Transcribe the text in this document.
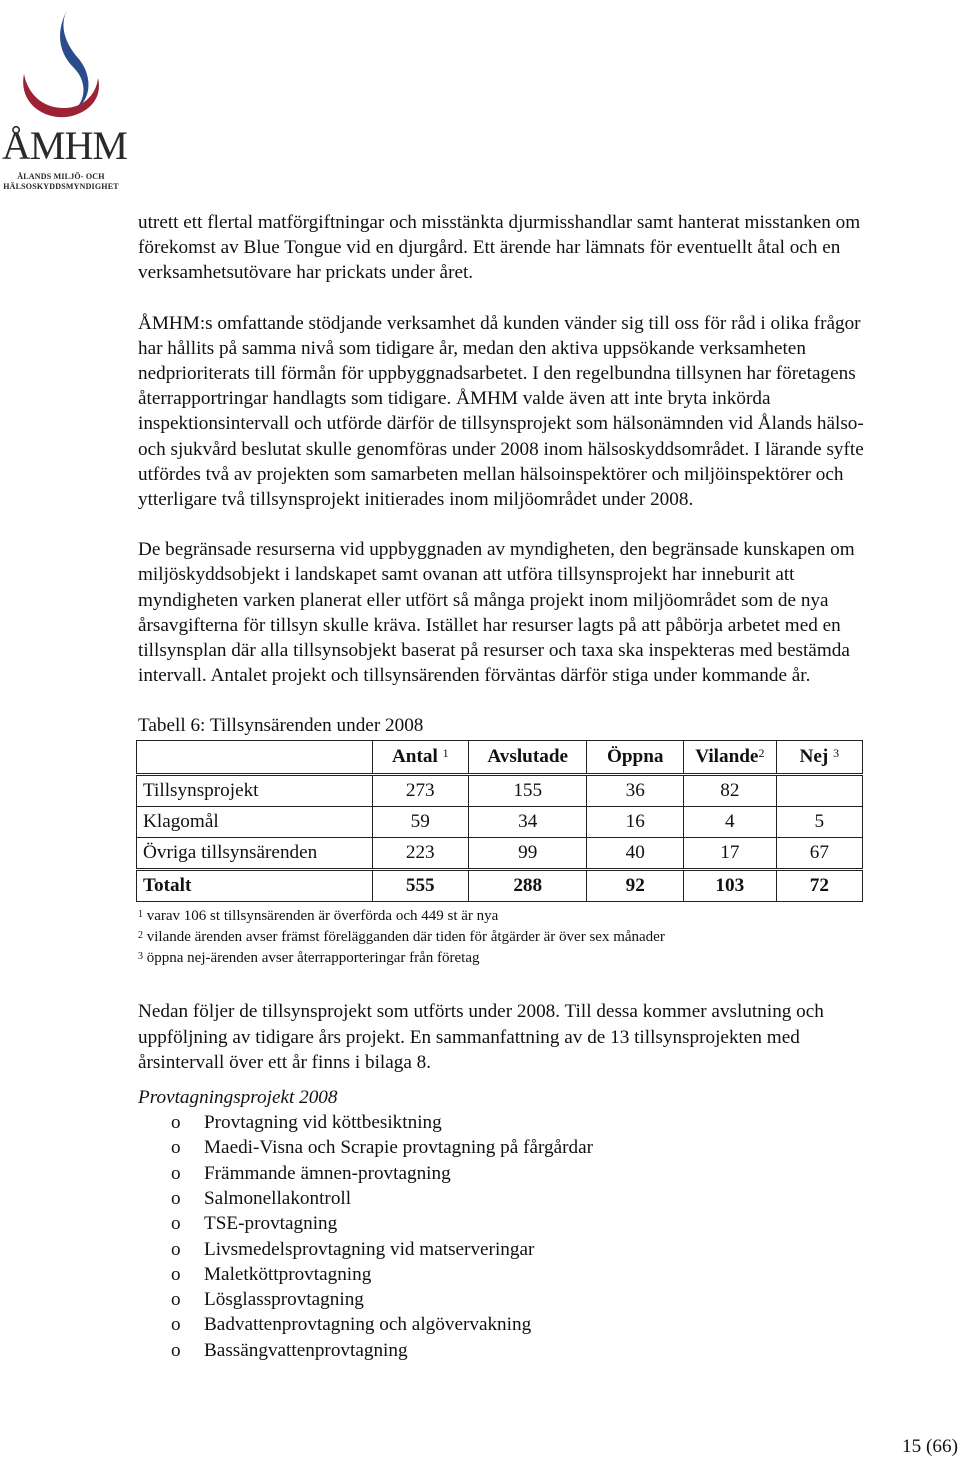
ÅMHM
ÅLANDS MILJÖ- OCH
HÄLSOSKYDDSMYNDIGHET

utrett ett flertal matförgiftningar och misstänkta djurmisshandlar samt hanterat misstanken om förekomst av Blue Tongue vid en djurgård. Ett ärende har lämnats för eventuellt åtal och en verksamhetsutövare har prickats under året.

ÅMHM:s omfattande stödjande verksamhet då kunden vänder sig till oss för råd i olika frågor har hållits på samma nivå som tidigare år, medan den aktiva uppsökande verksamheten nedprioriterats till förmån för uppbyggnadsarbetet. I den regelbundna tillsynen har företagens återrapportringar handlagts som tidigare. ÅMHM valde även att inte bryta inkörda inspektionsintervall och utförde därför de tillsynsprojekt som hälsonämnden vid Ålands hälso- och sjukvård beslutat skulle genomföras under 2008 inom hälsoskyddsområdet. I lärande syfte utfördes två av projekten som samarbeten mellan hälsoinspektörer och miljöinspektörer och ytterligare två tillsynsprojekt initierades inom miljöområdet under 2008.

De begränsade resurserna vid uppbyggnaden av myndigheten, den begränsade kunskapen om miljöskyddsobjekt i landskapet samt ovanan att utföra tillsynsprojekt har inneburit att myndigheten varken planerat eller utfört så många projekt inom miljöområdet som de nya årsavgifterna för tillsyn skulle kräva. Istället har resurser lagts på att påbörja arbetet med en tillsynsplan där alla tillsynsobjekt baserat på resurser och taxa ska inspekteras med bestämda intervall. Antalet projekt och tillsynsärenden förväntas därför stiga under kommande år.

Tabell 6: Tillsynsärenden under 2008

	Antal $^1$	Avslutade	Öppna	Vilande$^2$	Nej $^3$
Tillsynsprojekt	273	155	36	82	
Klagomål	59	34	16	4	5
Övriga tillsynsärenden	223	99	40	17	67
Totalt	555	288	92	103	72
$^1$ varav 106 st tillsynsärenden är överförda och 449 st är nya
$^2$ vilande ärenden avser främst förelägganden där tiden för åtgärder är över sex månader
$^3$ öppna nej-ärenden avser återrapporteringar från företag

Nedan följer de tillsynsprojekt som utförts under 2008. Till dessa kommer avslutning och uppföljning av tidigare års projekt. En sammanfattning av de 13 tillsynsprojekten med årsintervall över ett år finns i bilaga 8.

Provtagningsprojekt 2008

o Provtagning vid köttbesiktning
o Maedi-Visna och Scrapie provtagning på fårgårdar
o Främmande ämnen-provtagning
o Salmonellakontroll
o TSE-provtagning
o Livsmedelsprovtagning vid matserveringar
o Maletköttprovtagning
o Lösglassprovtagning
o Badvattenprovtagning och algövervakning
o Bassängvattenprovtagning
15 (66)
